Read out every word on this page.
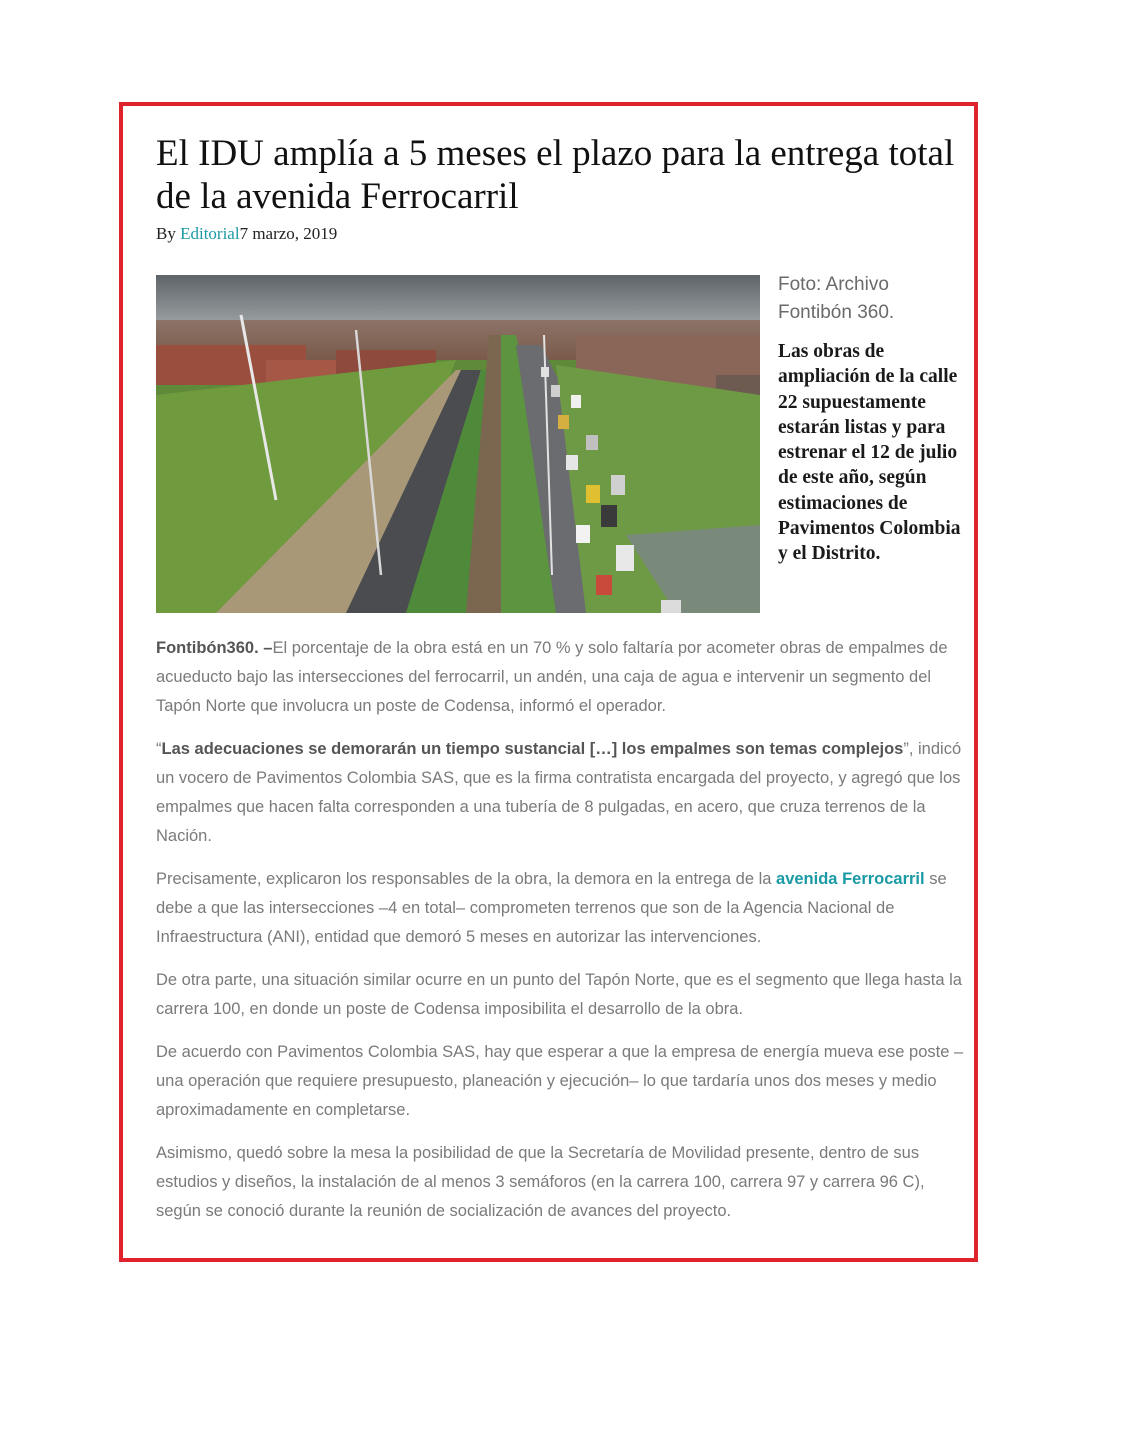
El IDU amplía a 5 meses el plazo para la entrega total de la avenida Ferrocarril
By Editorial7 marzo, 2019
Foto: Archivo Fontibón 360.
Las obras de ampliación de la calle 22 supuestamente estarán listas y para estrenar el 12 de julio de este año, según estimaciones de Pavimentos Colombia y el Distrito.

Fontibón360. –El porcentaje de la obra está en un 70 % y solo faltaría por acometer obras de empalmes de acueducto bajo las intersecciones del ferrocarril, un andén, una caja de agua e intervenir un segmento del Tapón Norte que involucra un poste de Codensa, informó el operador.

“Las adecuaciones se demorarán un tiempo sustancial […] los empalmes son temas complejos”, indicó un vocero de Pavimentos Colombia SAS, que es la firma contratista encargada del proyecto, y agregó que los empalmes que hacen falta corresponden a una tubería de 8 pulgadas, en acero, que cruza terrenos de la Nación.

Precisamente, explicaron los responsables de la obra, la demora en la entrega de la avenida Ferrocarril se debe a que las intersecciones –4 en total– comprometen terrenos que son de la Agencia Nacional de Infraestructura (ANI), entidad que demoró 5 meses en autorizar las intervenciones.

De otra parte, una situación similar ocurre en un punto del Tapón Norte, que es el segmento que llega hasta la carrera 100, en donde un poste de Codensa imposibilita el desarrollo de la obra.

De acuerdo con Pavimentos Colombia SAS, hay que esperar a que la empresa de energía mueva ese poste –una operación que requiere presupuesto, planeación y ejecución– lo que tardaría unos dos meses y medio aproximadamente en completarse.

Asimismo, quedó sobre la mesa la posibilidad de que la Secretaría de Movilidad presente, dentro de sus estudios y diseños, la instalación de al menos 3 semáforos (en la carrera 100, carrera 97 y carrera 96 C), según se conoció durante la reunión de socialización de avances del proyecto.
